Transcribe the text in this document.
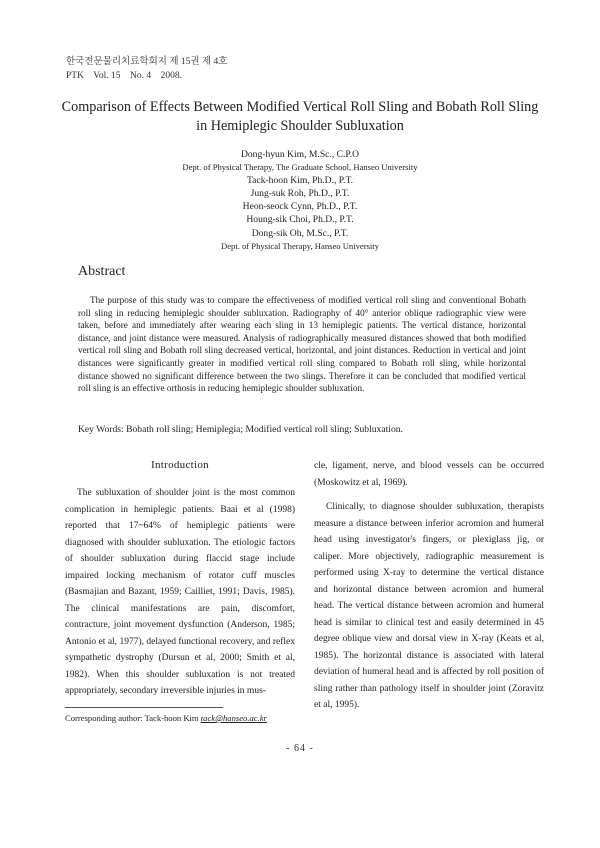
한국전문물리치료학회지 제 15권 제 4호
PTK    Vol. 15    No. 4    2008.
Comparison of Effects Between Modified Vertical Roll Sling and Bobath Roll Sling
in Hemiplegic Shoulder Subluxation
Dong-hyun Kim, M.Sc., C.P.O
Dept. of Physical Therapy, The Graduate School, Hanseo University
Tack-hoon Kim, Ph.D., P.T.
Jung-suk Roh, Ph.D., P.T.
Heon-seock Cynn, Ph.D., P.T.
Houng-sik Choi, Ph.D., P.T.
Dong-sik Oh, M.Sc., P.T.
Dept. of Physical Therapy, Hanseo University
Abstract
The purpose of this study was to compare the effectiveness of modified vertical roll sling and conventional Bobath roll sling in reducing hemiplegic shoulder subluxation. Radiography of 40° anterior oblique radiographic view were taken, before and immediately after wearing each sling in 13 hemiplegic patients. The vertical distance, horizontal distance, and joint distance were measured. Analysis of radiographically measured distances showed that both modified vertical roll sling and Bobath roll sling decreased vertical, horizontal, and joint distances. Reduction in vertical and joint distances were significantly greater in modified vertical roll sling compared to Bobath roll sling, while horizontal distance showed no significant difference between the two slings. Therefore it can be concluded that modified vertical roll sling is an effective orthosis in reducing hemiplegic shoulder subluxation.
Key Words: Bobath roll sling; Hemiplegia; Modified vertical roll sling; Subluxation.
Introduction

The subluxation of shoulder joint is the most common complication in hemiplegic patients. Baai et al (1998) reported that 17~64% of hemiplegic patients were diagnosed with shoulder subluxation. The etiologic factors of shoulder subluxation during flaccid stage include impaired locking mechanism of rotator cuff muscles (Basmajian and Bazant, 1959; Cailliet, 1991; Davis, 1985). The clinical manifestations are pain, discomfort, contracture, joint movement dysfunction (Anderson, 1985; Antonio et al, 1977), delayed functional recovery, and reflex sympathetic dystrophy (Dursun et al, 2000; Smith et al, 1982). When this shoulder subluxation is not treated appropriately, secondary irreversible injuries in mus-

cle, ligament, nerve, and blood vessels can be occurred (Moskowitz et al, 1969).

Clinically, to diagnose shoulder subluxation, therapists measure a distance between inferior acromion and humeral head using investigator's fingers, or plexiglass jig, or caliper. More objectively, radiographic measurement is performed using X-ray to determine the vertical distance and horizontal distance between acromion and humeral head. The vertical distance between acromion and humeral head is similar to clinical test and easily determined in 45 degree oblique view and dorsal view in X-ray (Keats et al, 1985). The horizontal distance is associated with lateral deviation of humeral head and is affected by roll position of sling rather than pathology itself in shoulder joint (Zoravitz et al, 1995).

Corresponding author: Tack-hoon Kim tack@hanseo.ac.kr
- 64 -
